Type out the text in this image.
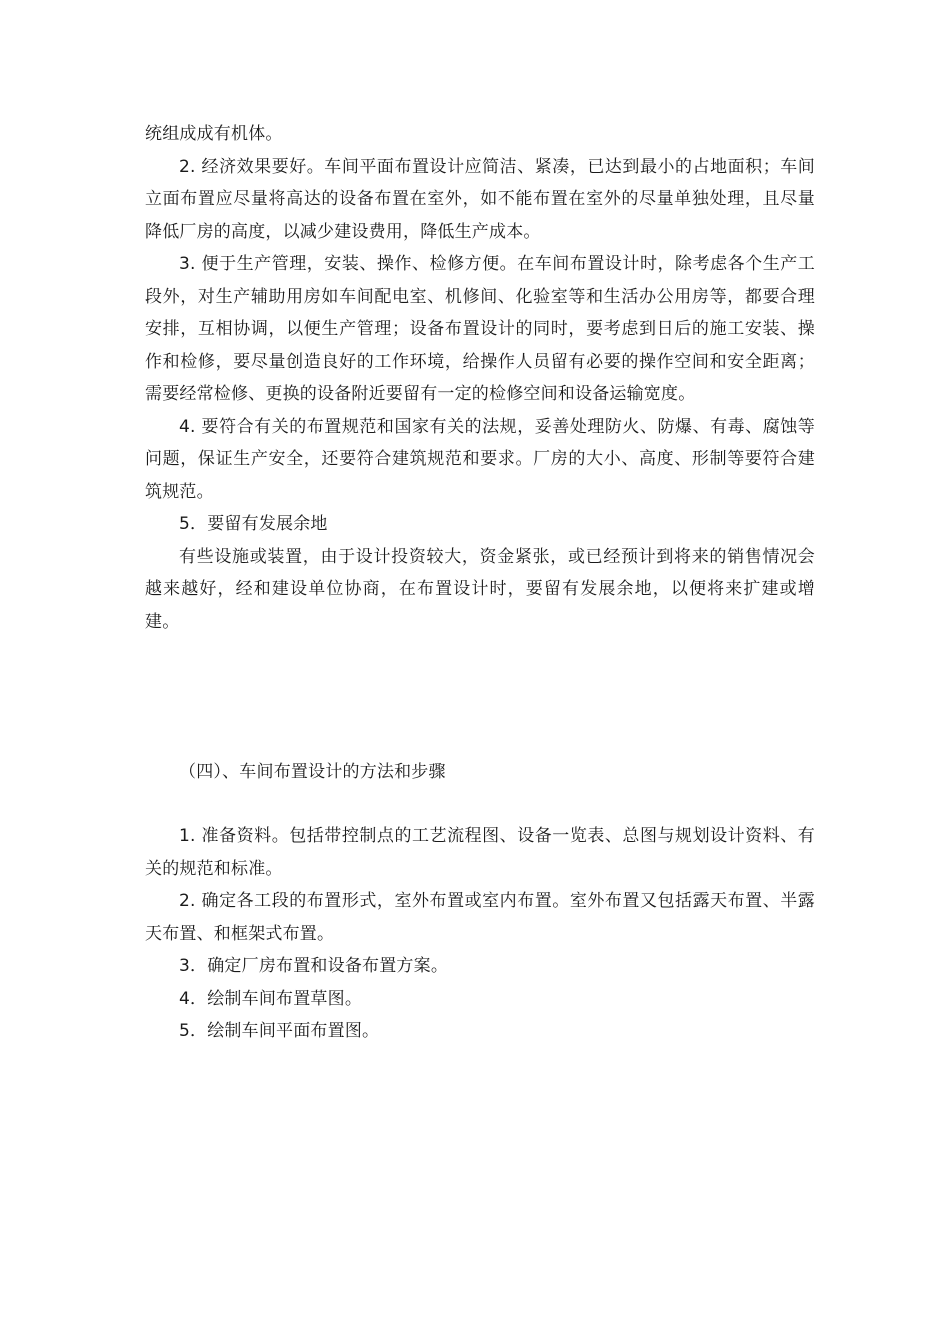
统组成成有机体。

2. 经济效果要好。车间平面布置设计应简洁、紧凑，已达到最小的占地面积；车间立面布置应尽量将高达的设备布置在室外，如不能布置在室外的尽量单独处理，且尽量降低厂房的高度，以减少建设费用，降低生产成本。

3. 便于生产管理，安装、操作、检修方便。在车间布置设计时，除考虑各个生产工段外，对生产辅助用房如车间配电室、机修间、化验室等和生活办公用房等，都要合理安排，互相协调，以便生产管理；设备布置设计的同时，要考虑到日后的施工安装、操作和检修，要尽量创造良好的工作环境，给操作人员留有必要的操作空间和安全距离；需要经常检修、更换的设备附近要留有一定的检修空间和设备运输宽度。

4. 要符合有关的布置规范和国家有关的法规，妥善处理防火、防爆、有毒、腐蚀等问题，保证生产安全，还要符合建筑规范和要求。厂房的大小、高度、形制等要符合建筑规范。

5．要留有发展余地

有些设施或装置，由于设计投资较大，资金紧张，或已经预计到将来的销售情况会越来越好，经和建设单位协商，在布置设计时，要留有发展余地，以便将来扩建或增建。

（四）、车间布置设计的方法和步骤

1. 准备资料。包括带控制点的工艺流程图、设备一览表、总图与规划设计资料、有关的规范和标准。

2. 确定各工段的布置形式，室外布置或室内布置。室外布置又包括露天布置、半露天布置、和框架式布置。

3．确定厂房布置和设备布置方案。

4．绘制车间布置草图。

5．绘制车间平面布置图。
